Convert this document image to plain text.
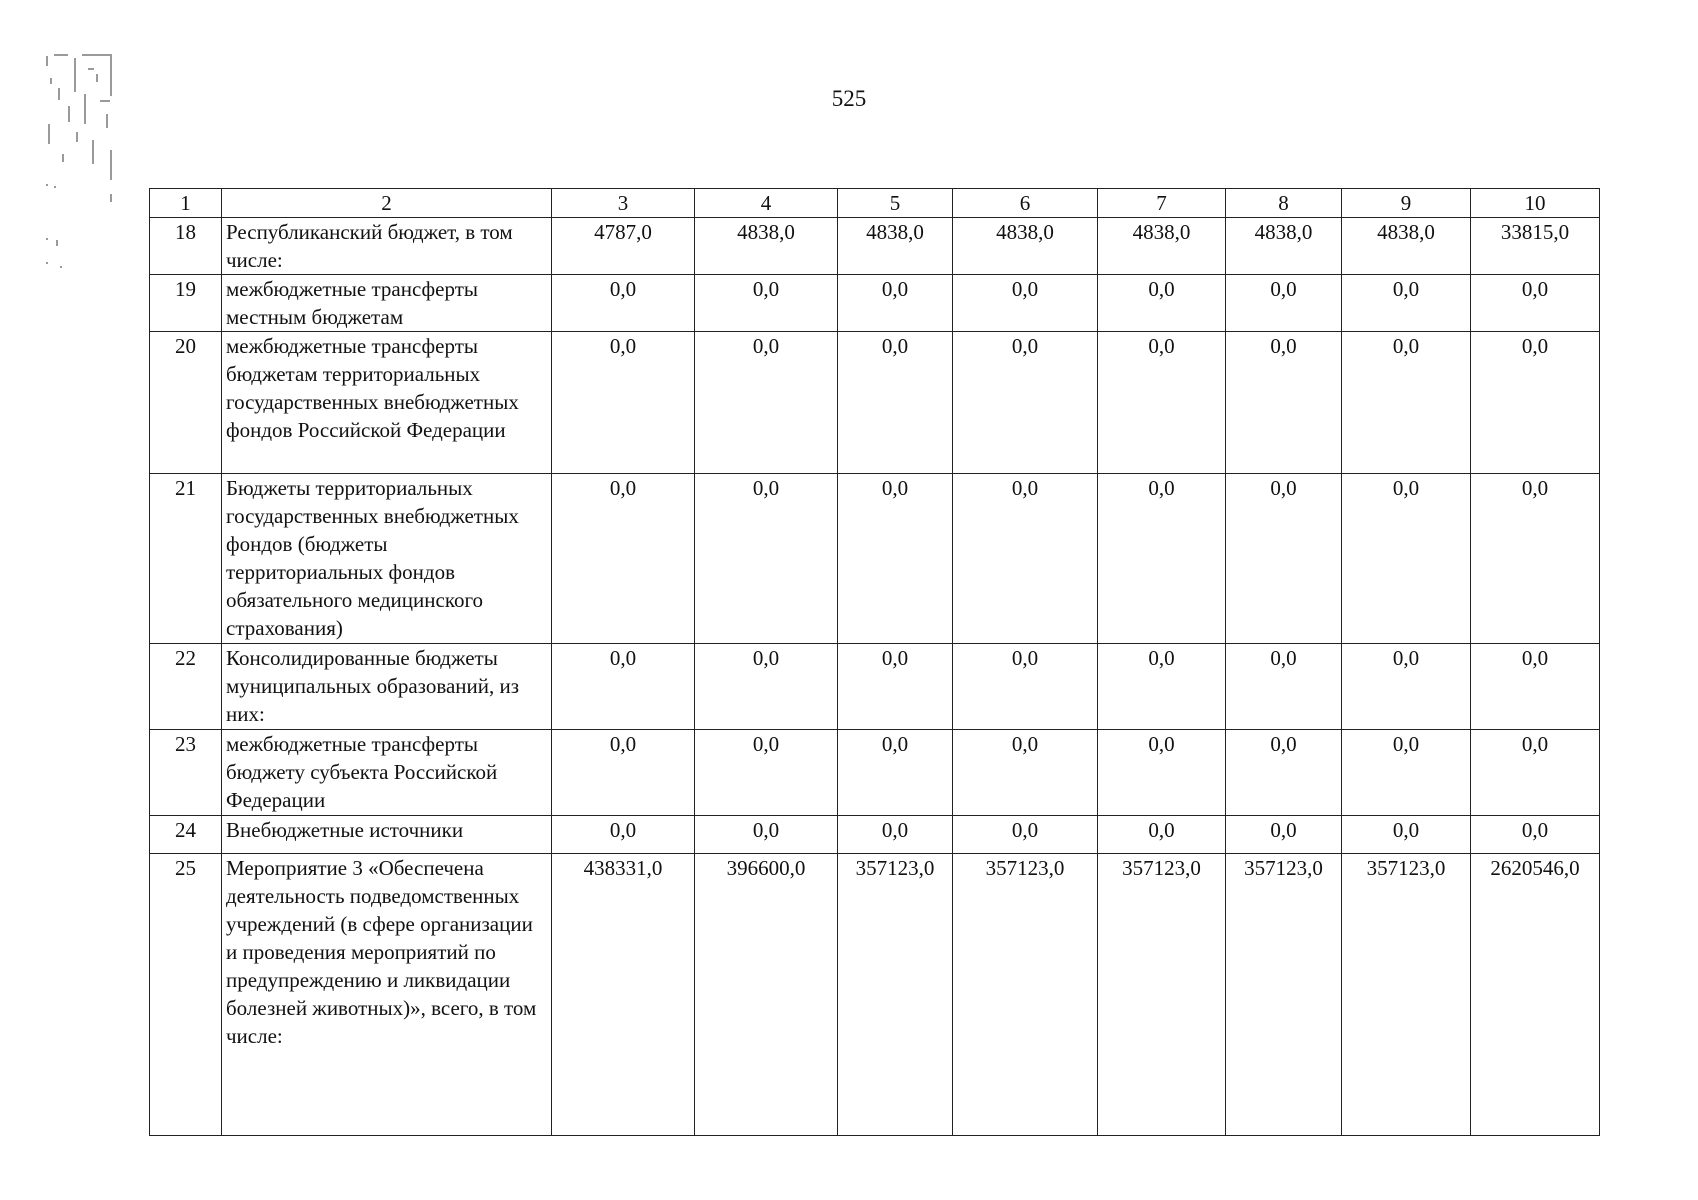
525
1	2	3	4	5	6	7	8	9	10
18	Республиканский бюджет, в том числе:	4787,0	4838,0	4838,0	4838,0	4838,0	4838,0	4838,0	33815,0
19	межбюджетные трансферты местным бюджетам	0,0	0,0	0,0	0,0	0,0	0,0	0,0	0,0
20	межбюджетные трансферты бюджетам территориальных государственных внебюджетных фондов Российской Федерации	0,0	0,0	0,0	0,0	0,0	0,0	0,0	0,0
21	Бюджеты территориальных государственных внебюджетных фондов (бюджеты территориальных фондов обязательного медицинского страхования)	0,0	0,0	0,0	0,0	0,0	0,0	0,0	0,0
22	Консолидированные бюджеты муниципальных образований, из них:	0,0	0,0	0,0	0,0	0,0	0,0	0,0	0,0
23	межбюджетные трансферты бюджету субъекта Российской Федерации	0,0	0,0	0,0	0,0	0,0	0,0	0,0	0,0
24	Внебюджетные источники	0,0	0,0	0,0	0,0	0,0	0,0	0,0	0,0
25	Мероприятие 3 «Обеспечена деятельность подведомственных учреждений (в сфере организации и проведения мероприятий по предупреждению и ликвидации болезней животных)», всего, в том числе:	438331,0	396600,0	357123,0	357123,0	357123,0	357123,0	357123,0	2620546,0
